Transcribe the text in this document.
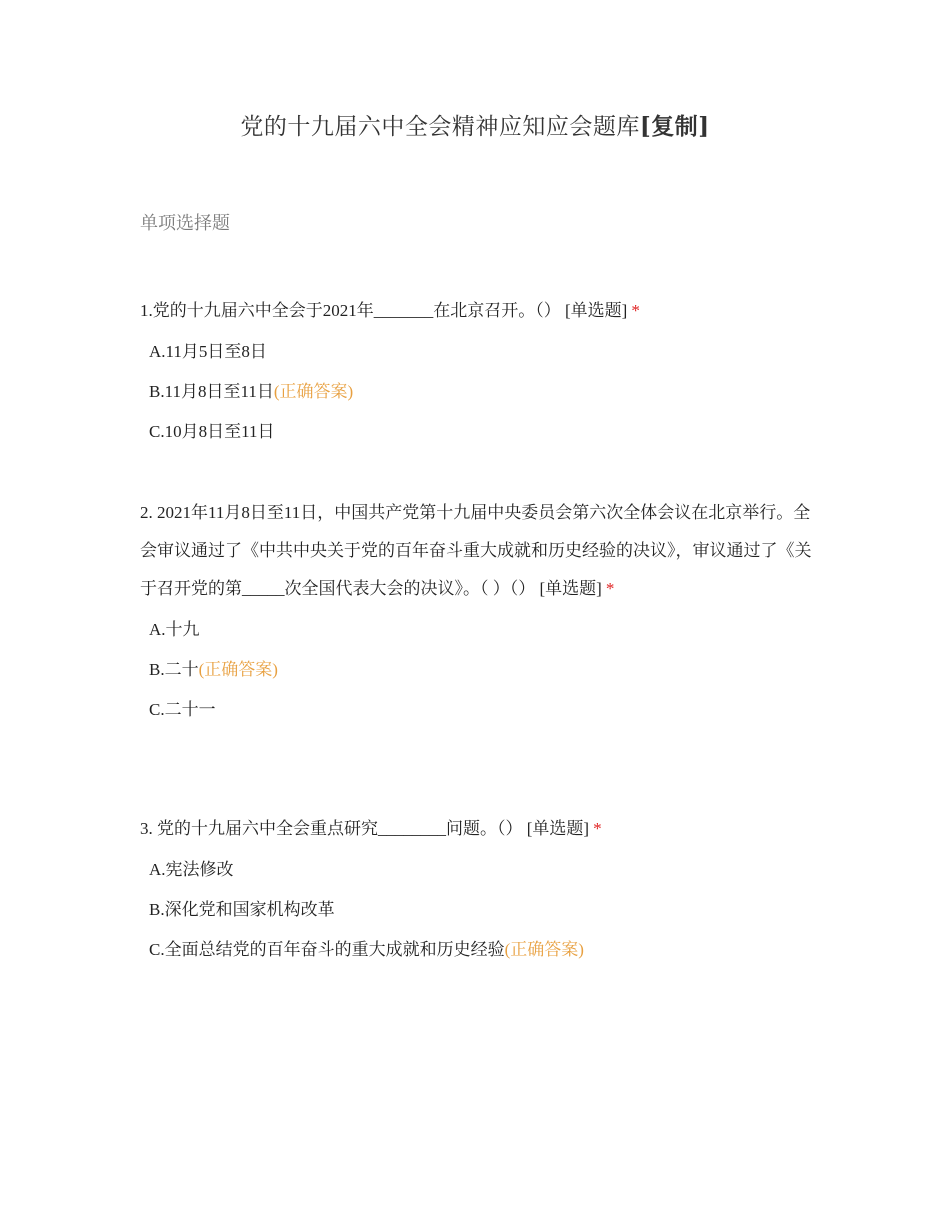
党的十九届六中全会精神应知应会题库[复制]
单项选择题
1.党的十九届六中全会于2021年_______在北京召开。（） [单选题] *
A.11月5日至8日
B.11月8日至11日(正确答案)
C.10月8日至11日
2. 2021年11月8日至11日，中国共产党第十九届中央委员会第六次全体会议在北京举行。全会审议通过了《中共中央关于党的百年奋斗重大成就和历史经验的决议》，审议通过了《关于召开党的第_____次全国代表大会的决议》。（ ）（） [单选题] *
A.十九
B.二十(正确答案)
C.二十一
3. 党的十九届六中全会重点研究________问题。（） [单选题] *
A.宪法修改
B.深化党和国家机构改革
C.全面总结党的百年奋斗的重大成就和历史经验(正确答案)
